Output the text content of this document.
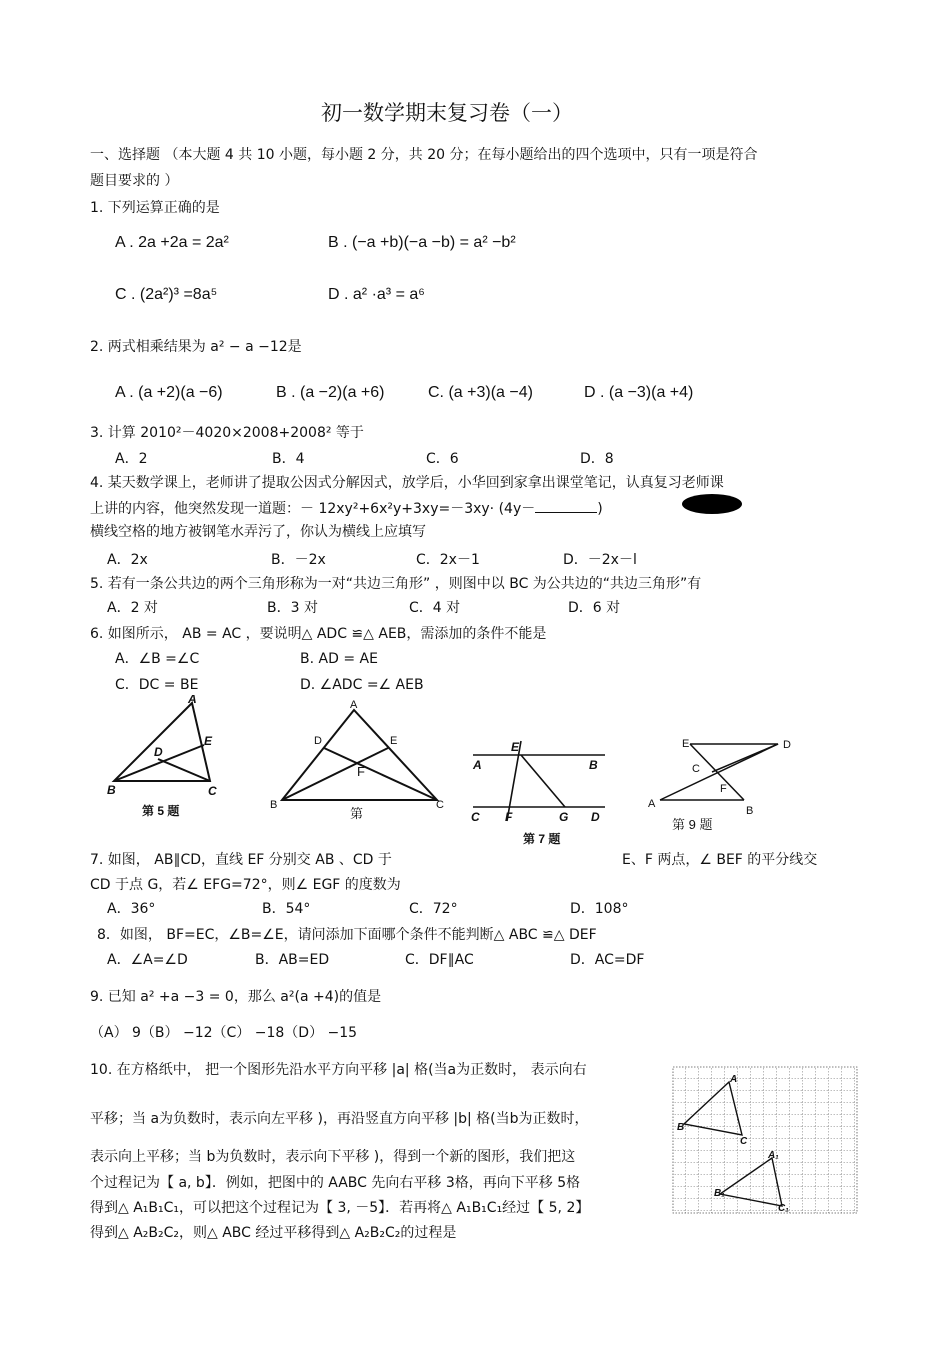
初一数学期末复习卷（一）
一、选择题 （本大题 4 共 10 小题，每小题 2 分，共 20 分；在每小题给出的四个选项中，只有一项是符合
题目要求的 ）
1. 下列运算正确的是
A . 2a +2a = 2a²	B . (−a +b)(−a −b) = a² −b²
C . (2a²)³ =8a⁵	D . a² ·a³ = a⁶
2. 两式相乘结果为 a² − a −12是
A . (a +2)(a −6)	B . (a −2)(a +6)	C. (a +3)(a −4)	D . (a −3)(a +4)
3. 计算 2010²－4020×2008+2008² 等于
A．2	B．4	C．6	D．8
4. 某天数学课上，老师讲了提取公因式分解因式，放学后，小华回到家拿出课堂笔记，认真复习老师课
上讲的内容，他突然发现一道题：－ 12xy²+6x²y+3xy=－3xy· (4y－	)
横线空格的地方被钢笔水弄污了，你认为横线上应填写
A．2x	B．－2x	C．2x－1	D．－2x－l
5. 若有一条公共边的两个三角形称为一对“共边三角形” ，则图中以 BC 为公共边的“共边三角形”有
A．2 对	B．3 对	C．4 对	D．6 对
6. 如图所示， AB = AC ，要说明△ ADC ≌△ AEB，需添加的条件不能是
A．∠B =∠C	B. AD = AE
C．DC = BE	D. ∠ADC =∠ AEB
A
E
D
B	C
第 5 题
A
D	E
F
B	C
第
E
A	B
C F	G D
第 7 题
E	D
C
F
A
B
第 9 题
7. 如图， AB∥CD，直线 EF 分别交 AB 、CD 于	E、F 两点，∠ BEF 的平分线交
CD 于点 G，若∠ EFG=72°，则∠ EGF 的度数为
A．36°	B．54°	C．72°	D．108°
8．如图， BF=EC，∠B=∠E，请问添加下面哪个条件不能判断△ ABC ≌△ DEF
A．∠A=∠D	B．AB=ED	C．DF∥AC	D．AC=DF
9. 已知 a² +a −3 = 0，那么 a²(a +4)的值是
（A） 9（B） −12（C） −18（D） −15
10. 在方格纸中， 把一个图形先沿水平方向平移 |a| 格(当a为正数时， 表示向右
平移；当 a为负数时，表示向左平移 )，再沿竖直方向平移 |b| 格(当b为正数时，
表示向上平移；当 b为负数时，表示向下平移 )，得到一个新的图形，我们把这
个过程记为【 a, b】．例如，把图中的 AABC 先向右平移 3格，再向下平移 5格
得到△ A₁B₁C₁，可以把这个过程记为【 3, －5】．若再将△ A₁B₁C₁经过【 5, 2】
得到△ A₂B₂C₂，则△ ABC 经过平移得到△ A₂B₂C₂的过程是
A
B
C
A₁
B₁
C₁
